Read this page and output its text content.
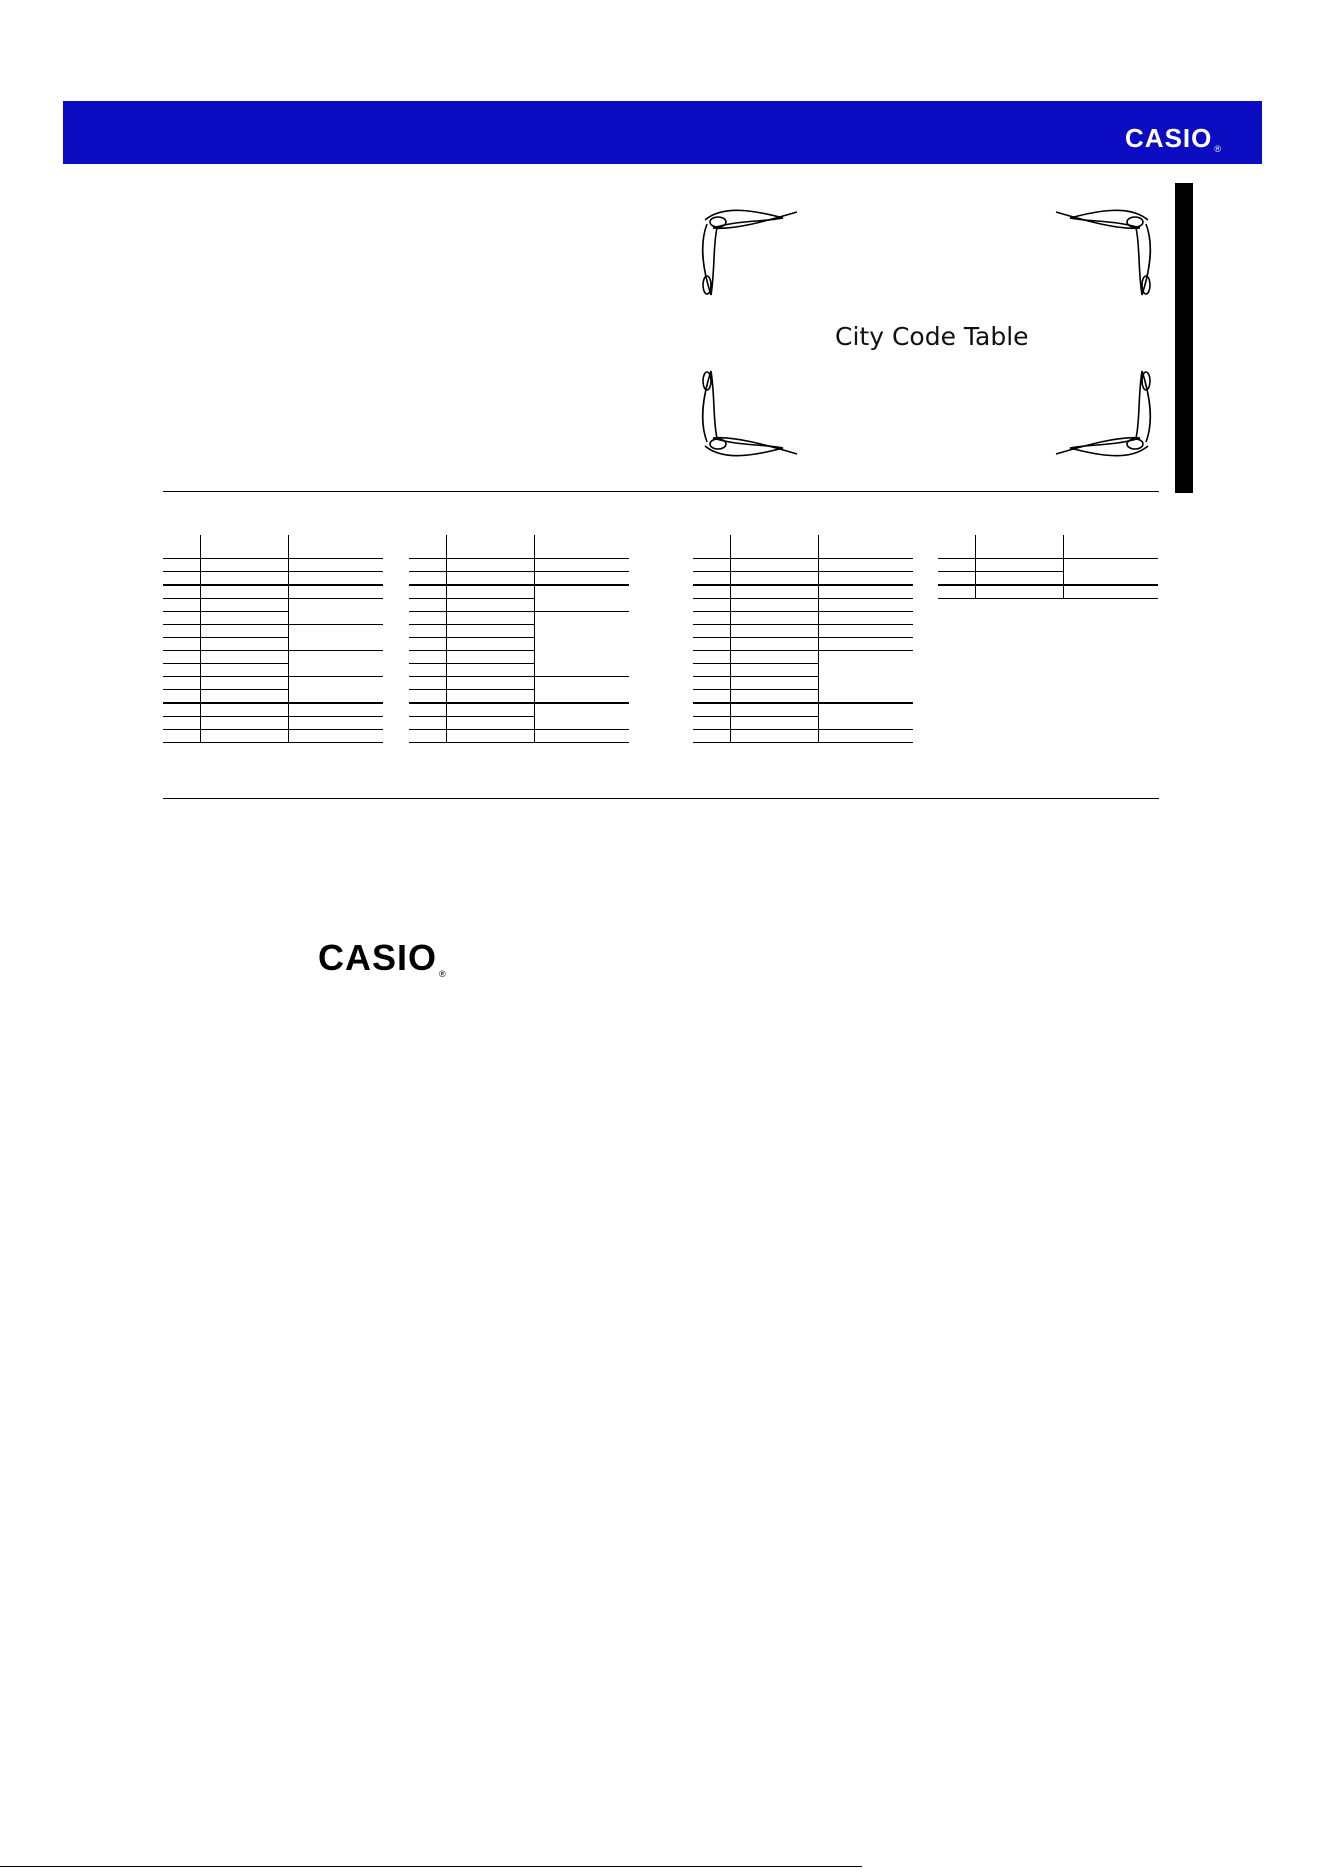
CASIO ®
City Code Table

CASIO ®
